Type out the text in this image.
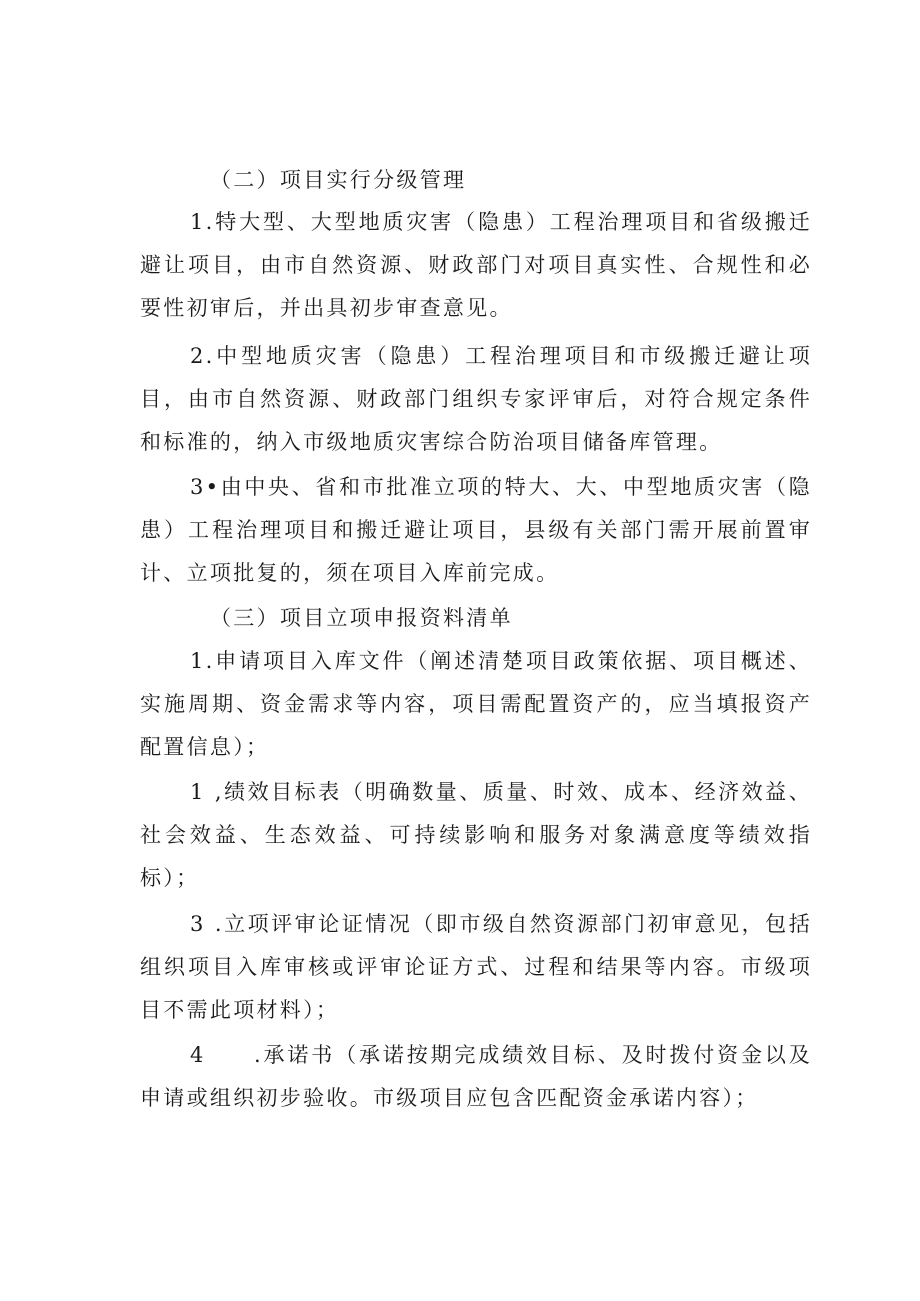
（二）项目实行分级管理

1.特大型、大型地质灾害（隐患）工程治理项目和省级搬迁避让项目，由市自然资源、财政部门对项目真实性、合规性和必要性初审后，并出具初步审查意见。

2.中型地质灾害（隐患）工程治理项目和市级搬迁避让项目，由市自然资源、财政部门组织专家评审后，对符合规定条件和标准的，纳入市级地质灾害综合防治项目储备库管理。

3•由中央、省和市批准立项的特大、大、中型地质灾害（隐患）工程治理项目和搬迁避让项目，县级有关部门需开展前置审计、立项批复的，须在项目入库前完成。

（三）项目立项申报资料清单

1.申请项目入库文件（阐述清楚项目政策依据、项目概述、实施周期、资金需求等内容，项目需配置资产的，应当填报资产配置信息）；

1 ,绩效目标表（明确数量、质量、时效、成本、经济效益、社会效益、生态效益、可持续影响和服务对象满意度等绩效指标）；

3 .立项评审论证情况（即市级自然资源部门初审意见，包括组织项目入库审核或评审论证方式、过程和结果等内容。市级项目不需此项材料）；

4　　.承诺书（承诺按期完成绩效目标、及时拨付资金以及申请或组织初步验收。市级项目应包含匹配资金承诺内容）；
